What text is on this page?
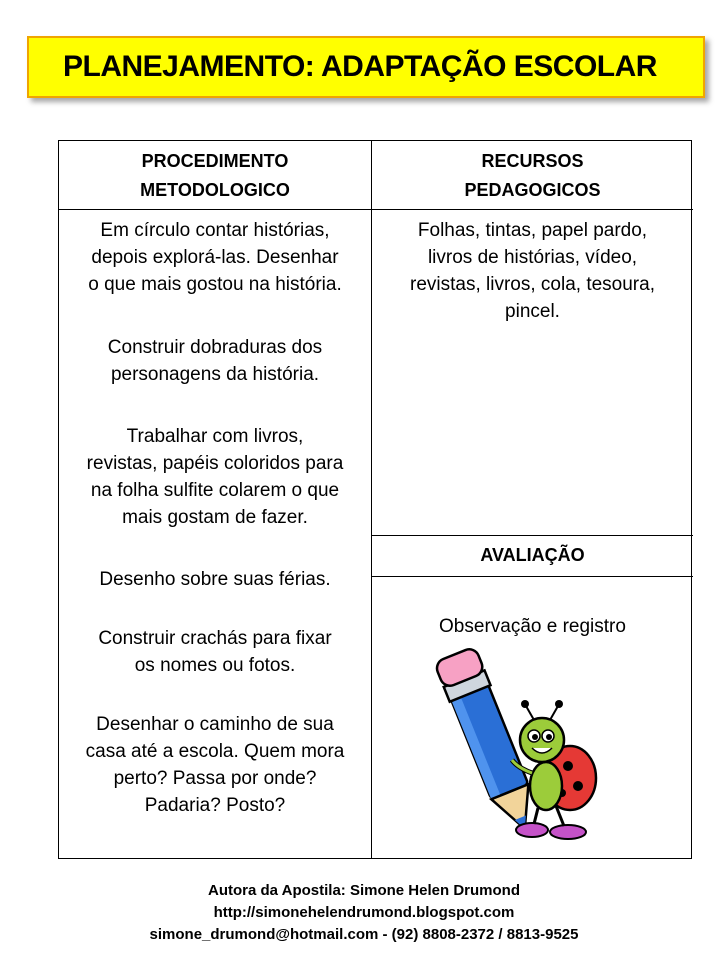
PLANEJAMENTO: ADAPTAÇÃO ESCOLAR
PROCEDIMENTO
METODOLOGICO
RECURSOS
PEDAGOGICOS
Em círculo contar histórias,
depois explorá-las. Desenhar
o que mais gostou na história.
Construir dobraduras dos
personagens da história.
Trabalhar com livros,
revistas, papéis coloridos para
na folha sulfite colarem o que
mais gostam de fazer.
Desenho sobre suas férias.
Construir crachás para fixar
os nomes ou fotos.
Desenhar o caminho de sua
casa até a escola. Quem mora
perto? Passa por onde?
Padaria? Posto?
Folhas, tintas, papel pardo,
livros de histórias, vídeo,
revistas, livros, cola, tesoura,
pincel.
AVALIAÇÃO
Observação e registro
Autora da Apostila: Simone Helen Drumond
http://simonehelendrumond.blogspot.com
simone_drumond@hotmail.com - (92) 8808-2372 / 8813-9525
